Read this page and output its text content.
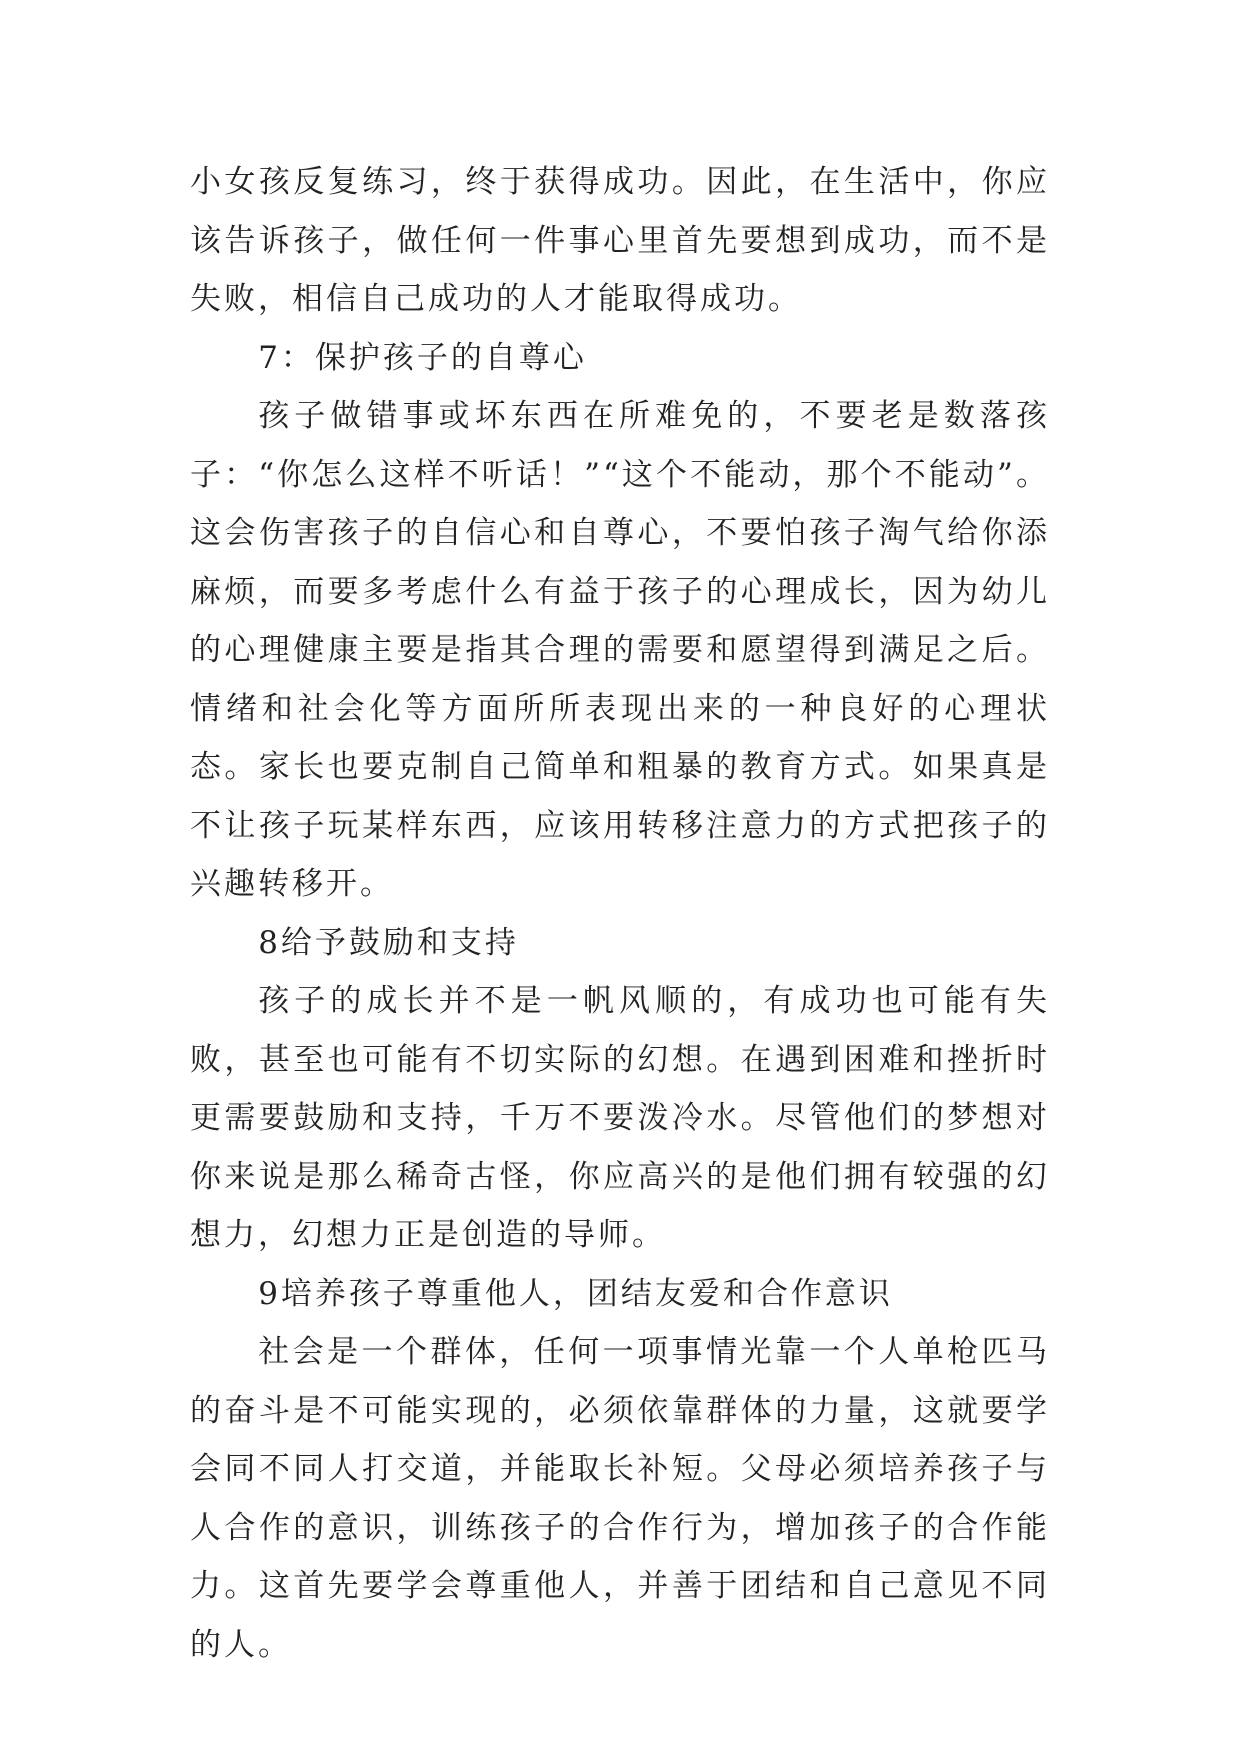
小女孩反复练习，终于获得成功。因此，在生活中，你应该告诉孩子，做任何一件事心里首先要想到成功，而不是失败，相信自己成功的人才能取得成功。

7：保护孩子的自尊心

孩子做错事或坏东西在所难免的，不要老是数落孩子：“你怎么这样不听话！”“这个不能动，那个不能动”。这会伤害孩子的自信心和自尊心，不要怕孩子淘气给你添麻烦，而要多考虑什么有益于孩子的心理成长，因为幼儿的心理健康主要是指其合理的需要和愿望得到满足之后。情绪和社会化等方面所所表现出来的一种良好的心理状态。家长也要克制自己简单和粗暴的教育方式。如果真是不让孩子玩某样东西，应该用转移注意力的方式把孩子的兴趣转移开。

8给予鼓励和支持

孩子的成长并不是一帆风顺的，有成功也可能有失败，甚至也可能有不切实际的幻想。在遇到困难和挫折时更需要鼓励和支持，千万不要泼冷水。尽管他们的梦想对你来说是那么稀奇古怪，你应高兴的是他们拥有较强的幻想力，幻想力正是创造的导师。

9培养孩子尊重他人，团结友爱和合作意识

社会是一个群体，任何一项事情光靠一个人单枪匹马的奋斗是不可能实现的，必须依靠群体的力量，这就要学会同不同人打交道，并能取长补短。父母必须培养孩子与人合作的意识，训练孩子的合作行为，增加孩子的合作能力。这首先要学会尊重他人，并善于团结和自己意见不同的人。
